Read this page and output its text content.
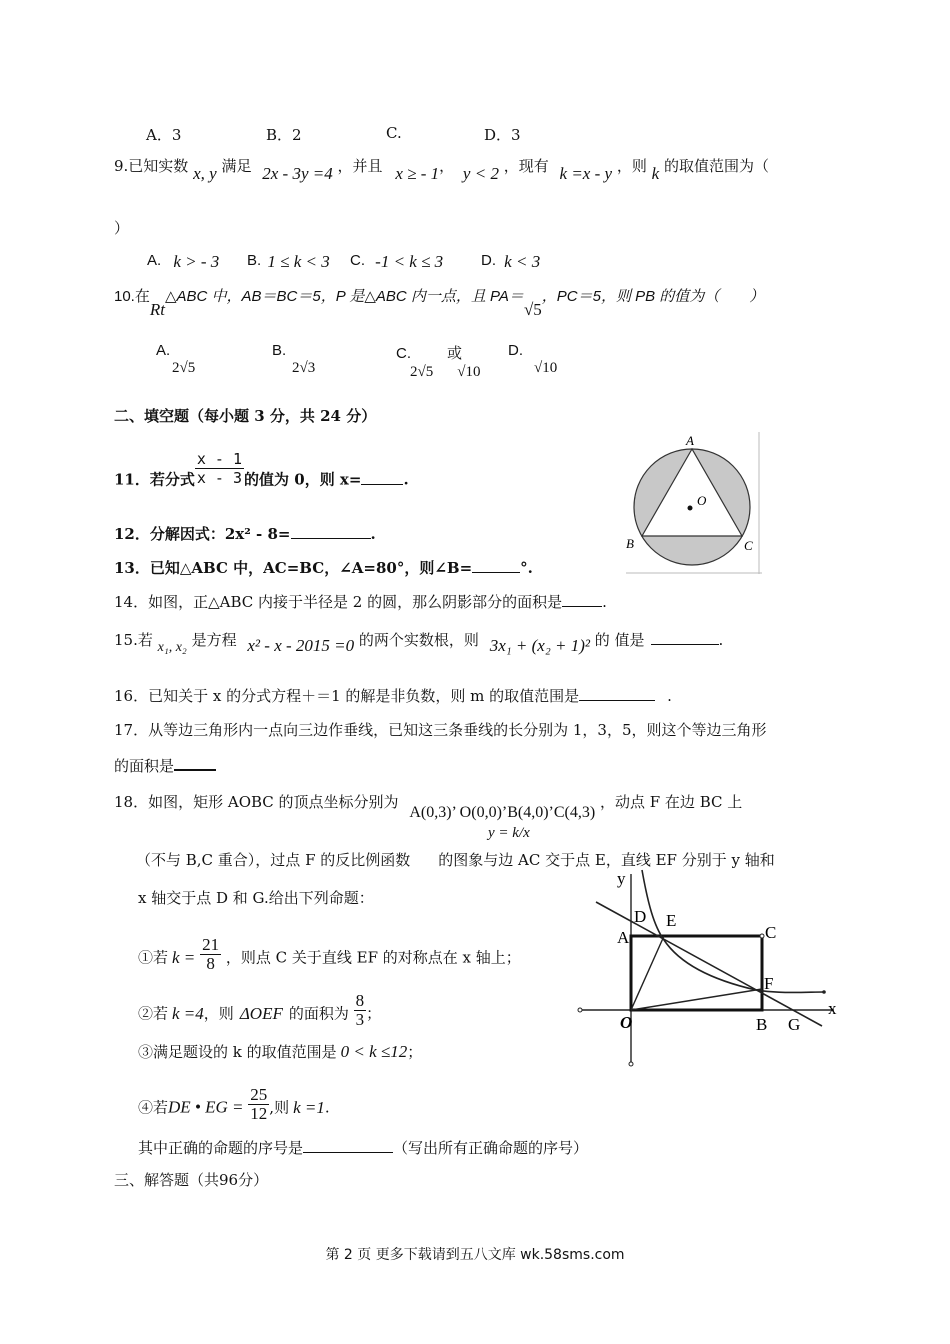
A．3	B．2	C.	D．3
9.已知实数 x, y 满足 2x - 3y =4 ，并且 x ≥ - 1， y < 2 ，现有 k =x - y ，则 k 的取值范围为（
）
A. k > - 3 B. 1 ≤ k < 3 C. -1 < k ≤ 3	D. k < 3
10.在Rt△ABC 中，AB＝BC＝5，P 是△ABC 内一点，且 PA＝√5，PC＝5，则 PB 的值为（　　）
A.
2√5
B.
2√3
C. 或
2√5 √10
D.
√10
二、填空题（每小题 3 分，共 24 分）
11．若分式 $\frac{x - 1}{x - 3}$ 的值为 0，则 x=	.
A
B	C
O
12．分解因式：2x² - 8=	.
13．已知△ABC 中，AC=BC，∠A=80°，则∠B=	°.
14．如图，正△ABC 内接于半径是 2 的圆，那么阴影部分的面积是	.
15.若 x₁, x₂ 是方程 x² - x - 2015 =0 的两个实数根，则 3x₁ + (x₂ + 1)² 的 值是	.
16．已知关于 x 的分式方程＋＝1 的解是非负数，则 m 的取值范围是	.
17．从等边三角形内一点向三边作垂线，已知这三条垂线的长分别为 1，3，5，则这个等边三角形
的面积是
18．如图，矩形 AOBC 的顶点坐标分别为 A(0,3)’ O(0,0)’B(4,0)’C(4,3) ，动点 F 在边 BC 上
y = k/x
（不与 B,C 重合），过点 F 的反比例函数 的图象与边 AC 交于点 E，直线 EF 分别于 y 轴和
x 轴交于点 D 和 G.给出下列命题：
①若 $k = \frac{21}{8}$ ，则点 C 关于直线 EF 的对称点在 x 轴上；
②若 k =4，则 ΔOEF 的面积为 $\frac{8}{3}$ ；
③满足题设的 k 的取值范围是 0 < k ≤12；
④若DE • EG = $\frac{25}{12}$ ,则 k =1.
其中正确的命题的序号是	（写出所有正确命题的序号）
y
x
D E
A	C
F
O	B G
三、解答题（共96分）
第 2 页 更多下载请到五八文库 wk.58sms.com
